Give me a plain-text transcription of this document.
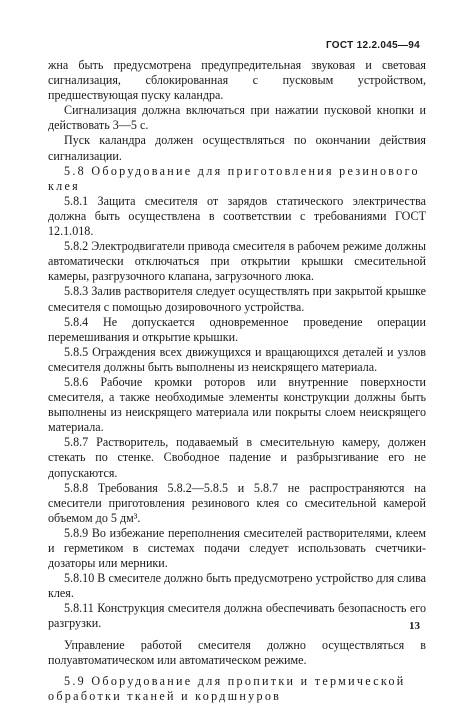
ГОСТ 12.2.045—94

жна быть предусмотрена предупредительная звуковая и световая сигнализация, сблокированная с пусковым устройством, предшествующая пуску каландра.

Сигнализация должна включаться при нажатии пусковой кнопки и действовать 3—5 с.

Пуск каландра должен осуществляться по окончании действия сигнализации.

5.8 Оборудование для приготовления резинового клея

5.8.1 Защита смесителя от зарядов статического электричества должна быть осуществлена в соответствии с требованиями ГОСТ 12.1.018.

5.8.2 Электродвигатели привода смесителя в рабочем режиме должны автоматически отключаться при открытии крышки смесительной камеры, разгрузочного клапана, загрузочного люка.

5.8.3 Залив растворителя следует осуществлять при закрытой крышке смесителя с помощью дозировочного устройства.

5.8.4 Не допускается одновременное проведение операции перемешивания и открытие крышки.

5.8.5 Ограждения всех движущихся и вращающихся деталей и узлов смесителя должны быть выполнены из неискрящего материала.

5.8.6 Рабочие кромки роторов или внутренние поверхности смесителя, а также необходимые элементы конструкции должны быть выполнены из неискрящего материала или покрыты слоем неискрящего материала.

5.8.7 Растворитель, подаваемый в смесительную камеру, должен стекать по стенке. Свободное падение и разбрызгивание его не допускаются.

5.8.8 Требования 5.8.2—5.8.5 и 5.8.7 не распространяются на смесители приготовления резинового клея со смесительной камерой объемом до 5 дм³.

5.8.9 Во избежание переполнения смесителей растворителями, клеем и герметиком в системах подачи следует использовать счетчики-дозаторы или мерники.

5.8.10 В смесителе должно быть предусмотрено устройство для слива клея.

5.8.11 Конструкция смесителя должна обеспечивать безопасность его разгрузки.

Управление работой смесителя должно осуществляться в полуавтоматическом или автоматическом режиме.

5.9 Оборудование для пропитки и термической обработки тканей и кордшнуров

13
